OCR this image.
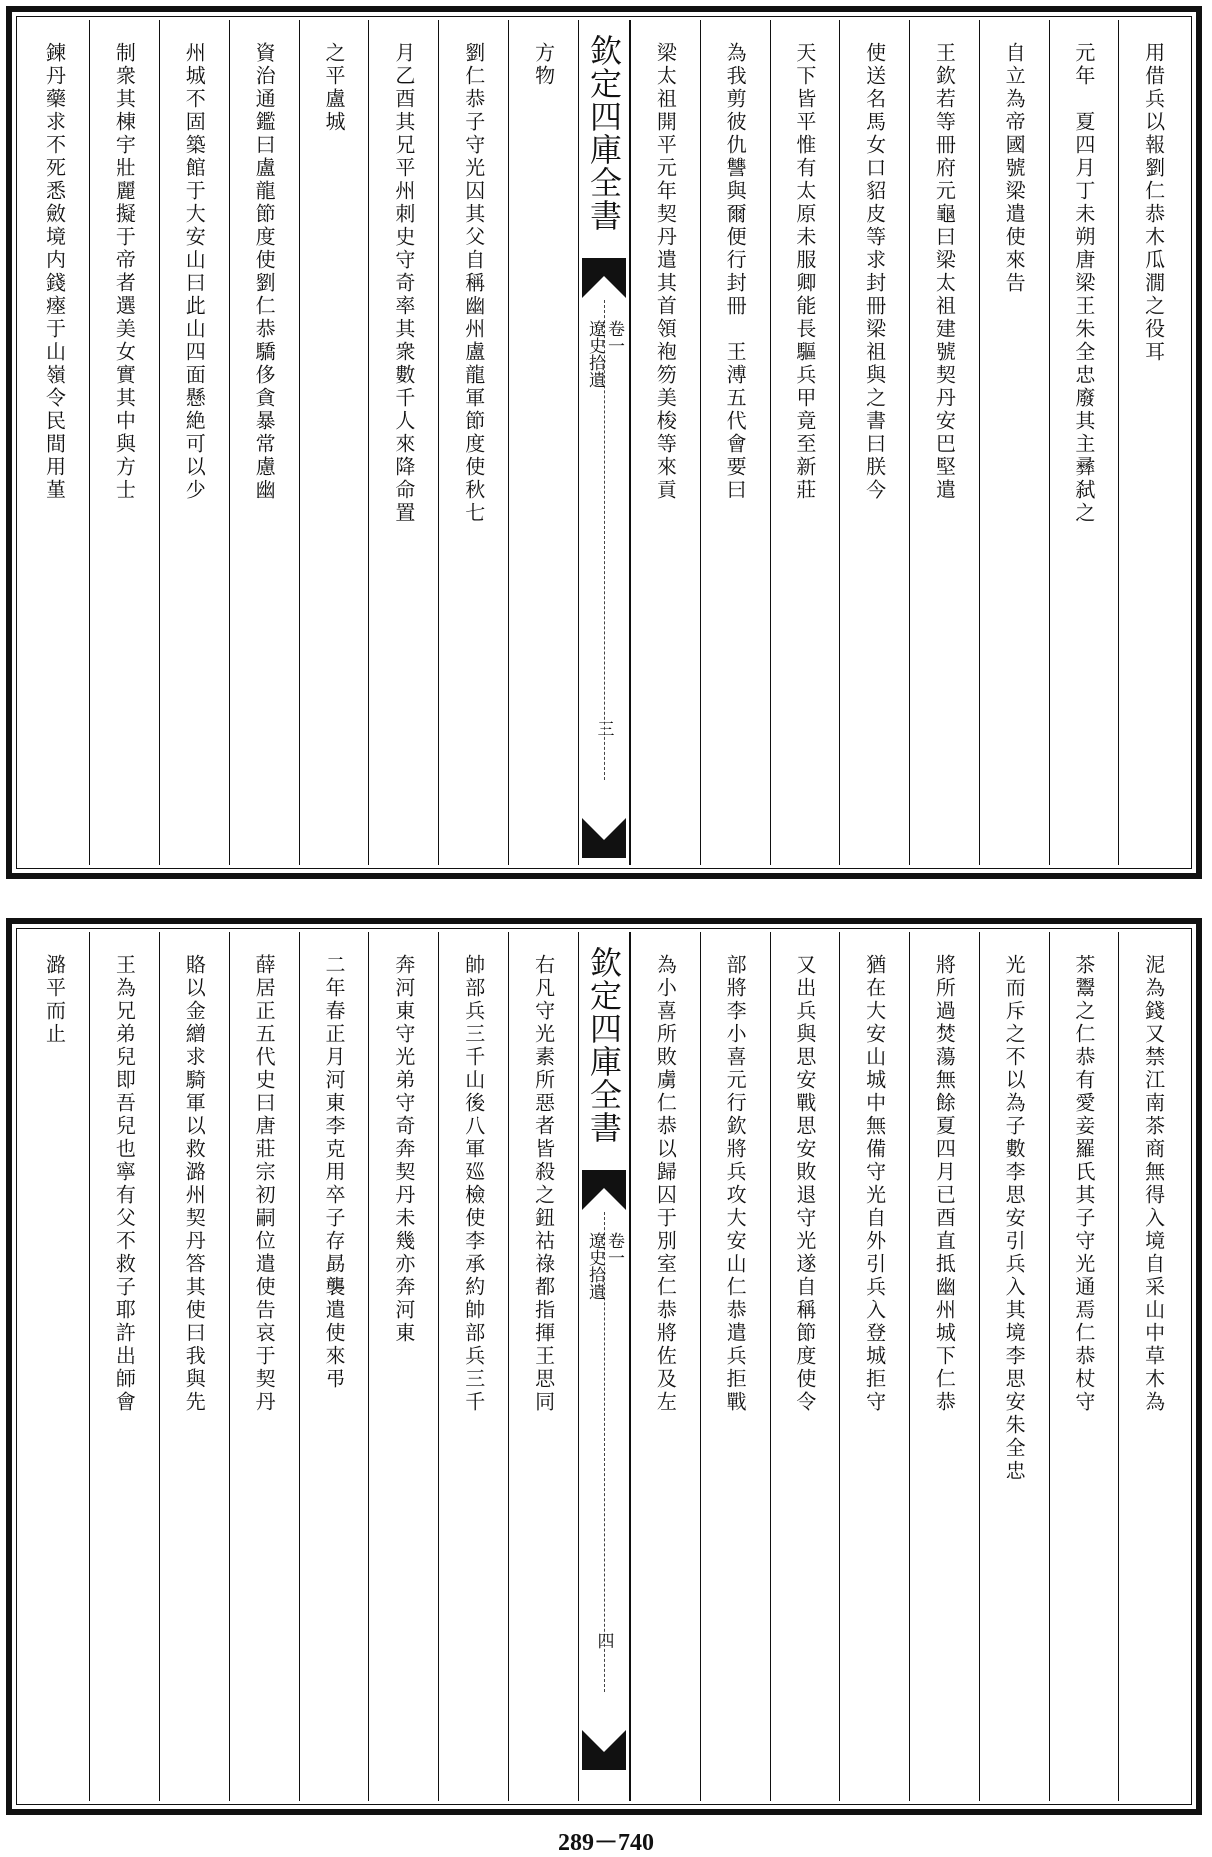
用借兵以報劉仁恭木瓜㵎之役耳
元年　夏四月丁未朔唐梁王朱全忠廢其主彞弑之
自立為帝國號梁遣使來告
王欽若等冊府元龜曰梁太祖建號契丹安巴堅遣
使送名馬女口貂皮等求封冊梁祖與之書曰朕今
天下皆平惟有太原未服卿能長驅兵甲竟至新莊
為我剪彼仇讐與爾便行封冊　王溥五代會要曰
梁太祖開平元年契丹遣其首領袍笏美梭等來貢
欽定四庫全書
遼史拾遺 卷一
三
方物
劉仁恭子守光囚其父自稱幽州盧龍軍節度使秋七
月乙酉其兄平州刺史守奇率其衆數千人來降命置
之平盧城
資治通鑑曰盧龍節度使劉仁恭驕侈貪暴常慮幽
州城不固築館于大安山曰此山四面懸絶可以少
制衆其棟宇壯麗擬于帝者選美女實其中與方士
鍊丹藥求不死悉斂境内錢瘞于山嶺令民間用堇
泥為錢又禁江南茶商無得入境自采山中草木為
茶鬻之仁恭有愛妾羅氏其子守光通焉仁恭杖守
光而斥之不以為子數李思安引兵入其境李思安朱全忠
將所過焚蕩無餘夏四月已酉直抵幽州城下仁恭
猶在大安山城中無備守光自外引兵入登城拒守
又出兵與思安戰思安敗退守光遂自稱節度使令
部將李小喜元行欽將兵攻大安山仁恭遣兵拒戰
為小喜所敗虜仁恭以歸囚于別室仁恭將佐及左
欽定四庫全書
遼史拾遺 卷一
四
右凡守光素所惡者皆殺之鈕祜祿都指揮王思同
帥部兵三千山後八軍廵檢使李承約帥部兵三千
奔河東守光弟守奇奔契丹未幾亦奔河東
二年春正月河東李克用卒子存勗襲遣使來弔
薛居正五代史曰唐莊宗初嗣位遣使告哀于契丹
賂以金繒求騎軍以救潞州契丹答其使曰我與先
王為兄弟兒即吾兒也寧有父不救子耶許出師會
潞平而止
289－740
